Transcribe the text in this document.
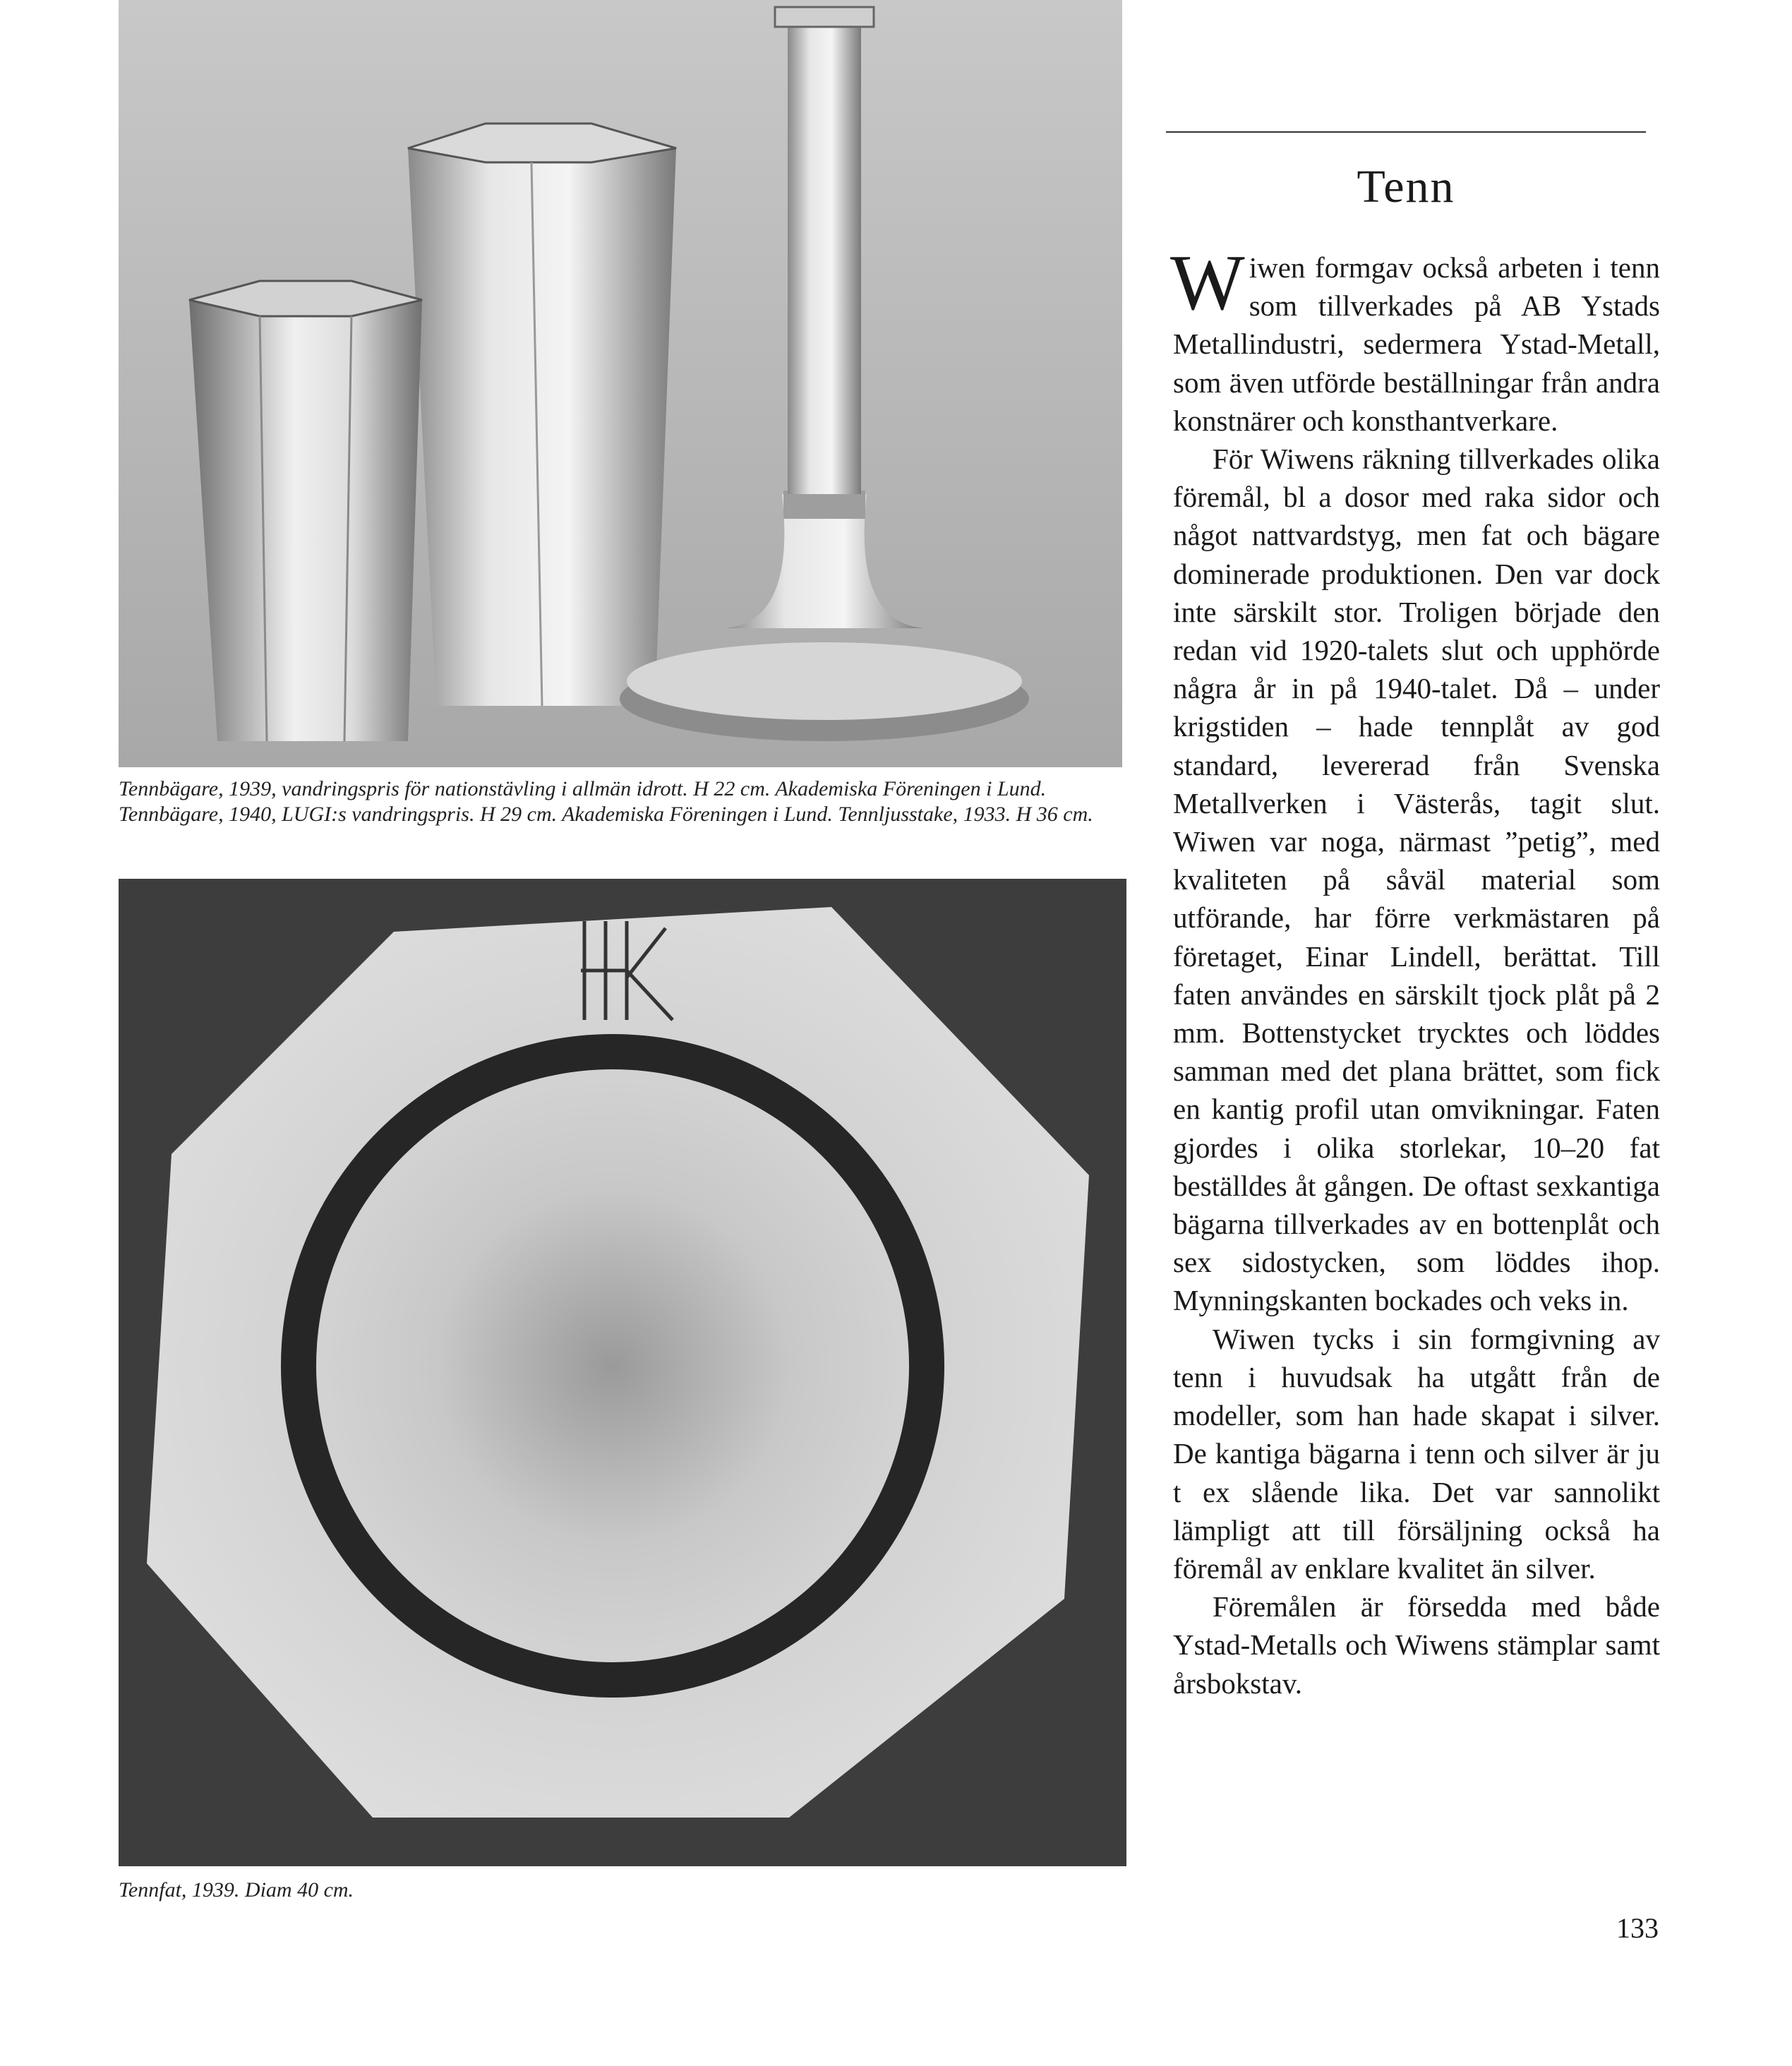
Tennbägare, 1939, vandringspris för nationstävling i allmän idrott. H 22 cm. Akademiska Föreningen i Lund. Tennbägare, 1940, LUGI:s vandringspris. H 29 cm. Akademiska Föreningen i Lund. Tennljusstake, 1933. H 36 cm.
Tennfat, 1939. Diam 40 cm.
Tenn

Wiwen formgav också arbeten i tenn som tillverkades på AB Ystads Metallindustri, sedermera Ystad-Metall, som även utförde beställningar från andra konstnärer och konsthantverkare.

För Wiwens räkning tillverkades olika föremål, bl a dosor med raka sidor och något nattvardstyg, men fat och bägare dominerade produktionen. Den var dock inte särskilt stor. Troligen började den redan vid 1920-talets slut och upphörde några år in på 1940-talet. Då – under krigstiden – hade tennplåt av god standard, levererad från Svenska Metallverken i Västerås, tagit slut. Wiwen var noga, närmast ”petig”, med kvaliteten på såväl material som utförande, har förre verkmästaren på företaget, Einar Lindell, berättat. Till faten användes en särskilt tjock plåt på 2 mm. Bottenstycket trycktes och löddes samman med det plana brättet, som fick en kantig profil utan omvikningar. Faten gjordes i olika storlekar, 10–20 fat beställdes åt gången. De oftast sexkantiga bägarna tillverkades av en bottenplåt och sex sidostycken, som löddes ihop. Mynningskanten bockades och veks in.

Wiwen tycks i sin formgivning av tenn i huvudsak ha utgått från de modeller, som han hade skapat i silver. De kantiga bägarna i tenn och silver är ju t ex slående lika. Det var sannolikt lämpligt att till försäljning också ha föremål av enklare kvalitet än silver.

Föremålen är försedda med både Ystad-Metalls och Wiwens stämplar samt årsbokstav.

133
